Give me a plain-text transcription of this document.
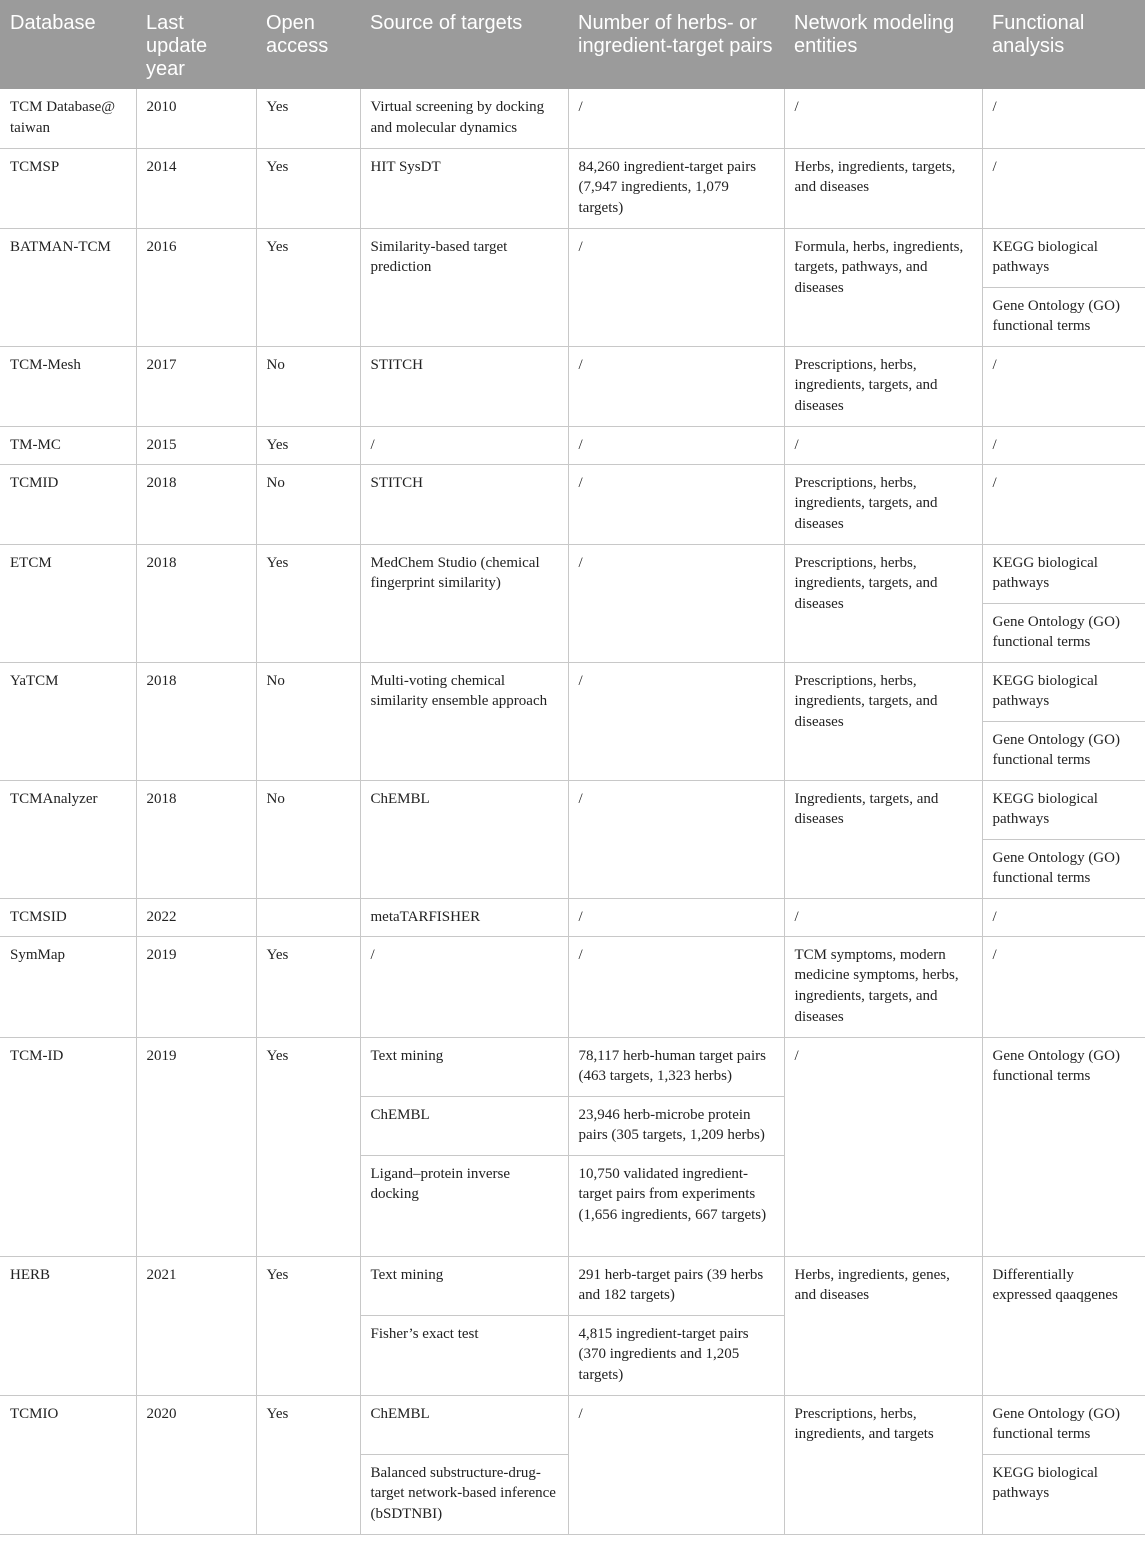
Database	Last update year	Open access	Source of targets	Number of herbs- or ingredient-target pairs	Network modeling entities	Functional analysis
TCM Database@ taiwan	2010	Yes	Virtual screening by docking and molecular dynamics	/	/	/
TCMSP	2014	Yes	HIT SysDT	84,260 ingredient-target pairs (7,947 ingredients, 1,079 targets)	Herbs, ingredients, targets, and diseases	/
BATMAN-TCM	2016	Yes	Similarity-based target prediction	/	Formula, herbs, ingredients, targets, pathways, and diseases	KEGG biological pathways
						Gene Ontology (GO) functional terms
TCM-Mesh	2017	No	STITCH	/	Prescriptions, herbs, ingredients, targets, and diseases	/
TM-MC	2015	Yes	/	/	/	/
TCMID	2018	No	STITCH	/	Prescriptions, herbs, ingredients, targets, and diseases	/
ETCM	2018	Yes	MedChem Studio (chemical fingerprint similarity)	/	Prescriptions, herbs, ingredients, targets, and diseases	KEGG biological pathways
						Gene Ontology (GO) functional terms
YaTCM	2018	No	Multi-voting chemical similarity ensemble approach	/	Prescriptions, herbs, ingredients, targets, and diseases	KEGG biological pathways
						Gene Ontology (GO) functional terms
TCMAnalyzer	2018	No	ChEMBL	/	Ingredients, targets, and diseases	KEGG biological pathways
						Gene Ontology (GO) functional terms
TCMSID	2022		metaTARFISHER	/	/	/
SymMap	2019	Yes	/	/	TCM symptoms, modern medicine symptoms, herbs, ingredients, targets, and diseases	/
TCM-ID	2019	Yes	Text mining	78,117 herb-human target pairs (463 targets, 1,323 herbs)	/	Gene Ontology (GO) functional terms
			ChEMBL	23,946 herb-microbe protein pairs (305 targets, 1,209 herbs)		
			Ligand–protein inverse docking	10,750 validated ingredient-target pairs from experiments (1,656 ingredients, 667 targets)		
HERB	2021	Yes	Text mining	291 herb-target pairs (39 herbs and 182 targets)	Herbs, ingredients, genes, and diseases	Differentially expressed qaaqgenes
			Fisher’s exact test	4,815 ingredient-target pairs (370 ingredients and 1,205 targets)		
TCMIO	2020	Yes	ChEMBL	/	Prescriptions, herbs, ingredients, and targets	Gene Ontology (GO) functional terms
			Balanced substructure-drug-target network-based inference (bSDTNBI)			KEGG biological pathways
